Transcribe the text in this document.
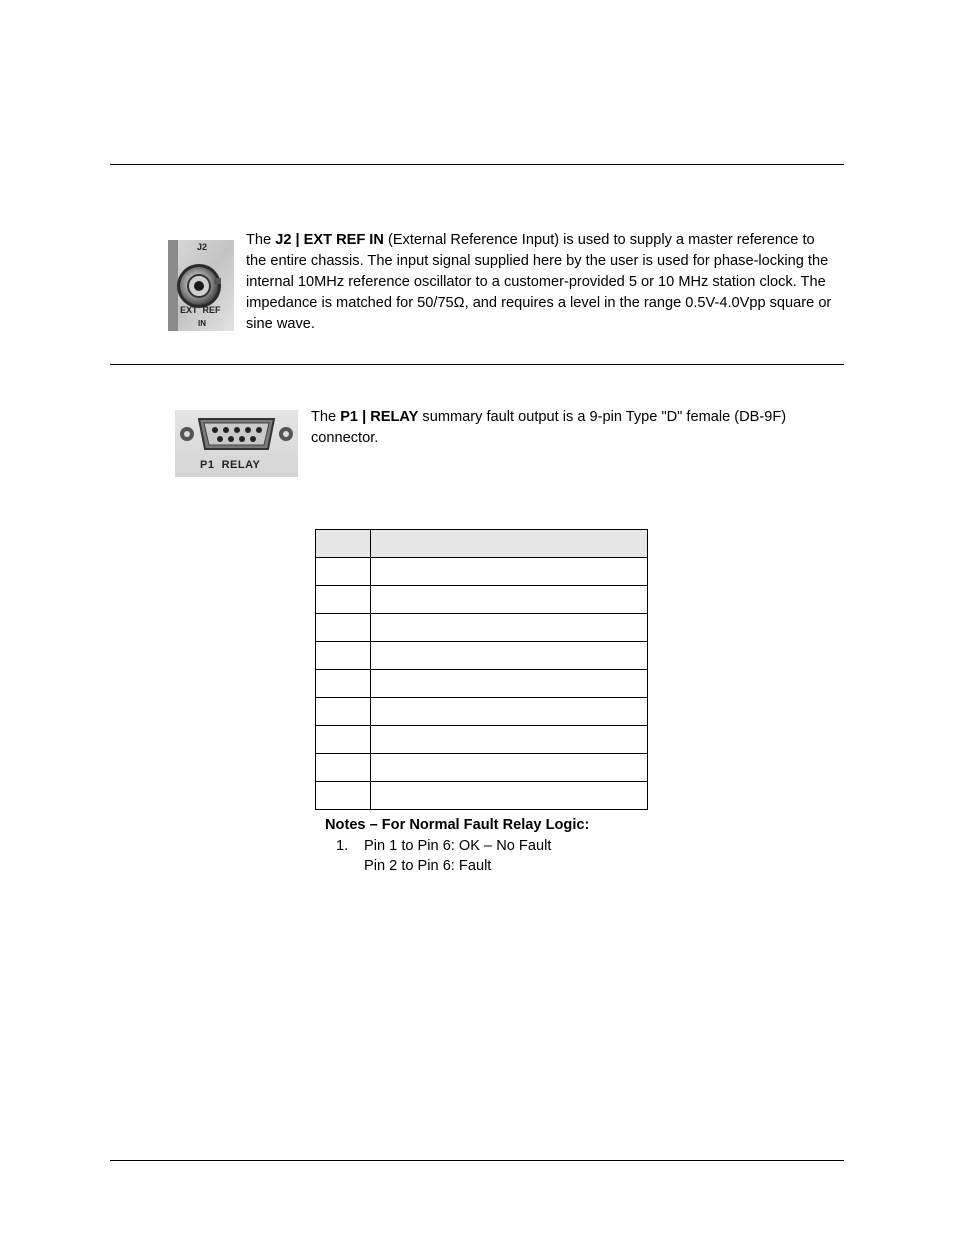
J2
EXT  REF
IN

The J2 | EXT REF IN (External Reference Input) is used to supply a master reference to the entire chassis. The input signal supplied here by the user is used for phase-locking the internal 10MHz reference oscillator to a customer-provided 5 or 10 MHz station clock. The impedance is matched for 50/75Ω, and requires a level in the range 0.5V-4.0Vpp square or sine wave.

P1  RELAY

The P1 | RELAY summary fault output is a 9-pin Type "D" female (DB-9F) connector.

Notes – For Normal Fault Relay Logic:
1. Pin 1 to Pin 6: OK – No Fault
Pin 2 to Pin 6: Fault
